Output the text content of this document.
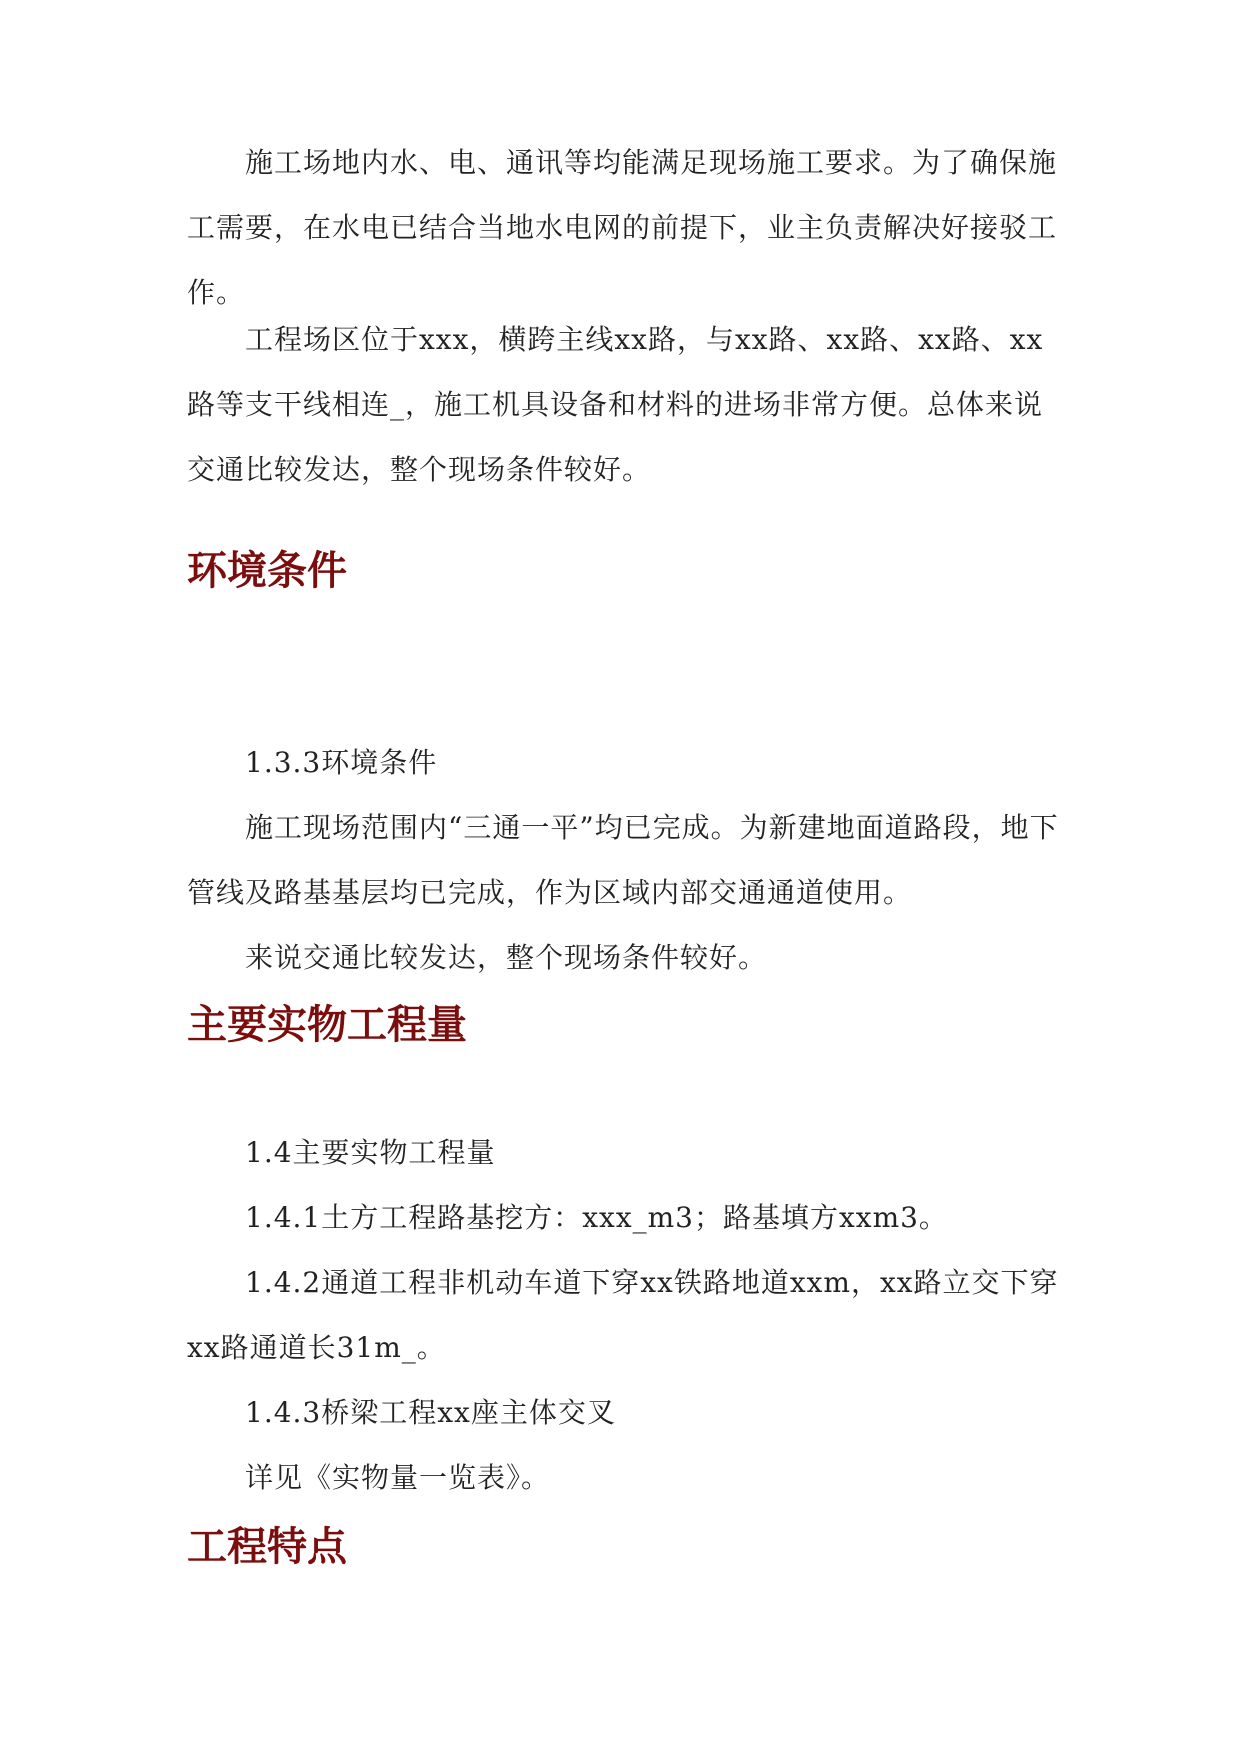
施工场地内水、电、通讯等均能满足现场施工要求。为了确保施工需要，在水电已结合当地水电网的前提下，业主负责解决好接驳工作。

工程场区位于xxx，横跨主线xx路，与xx路、xx路、xx路、xx路等支干线相连_，施工机具设备和材料的进场非常方便。总体来说交通比较发达，整个现场条件较好。

环境条件

1.3.3环境条件

施工现场范围内“三通一平”均已完成。为新建地面道路段，地下管线及路基基层均已完成，作为区域内部交通通道使用。

来说交通比较发达，整个现场条件较好。

主要实物工程量

1.4主要实物工程量

1.4.1土方工程路基挖方：xxx_m3；路基填方xxm3。

1.4.2通道工程非机动车道下穿xx铁路地道xxm，xx路立交下穿xx路通道长31m_。

1.4.3桥梁工程xx座主体交叉

详见《实物量一览表》。

工程特点
